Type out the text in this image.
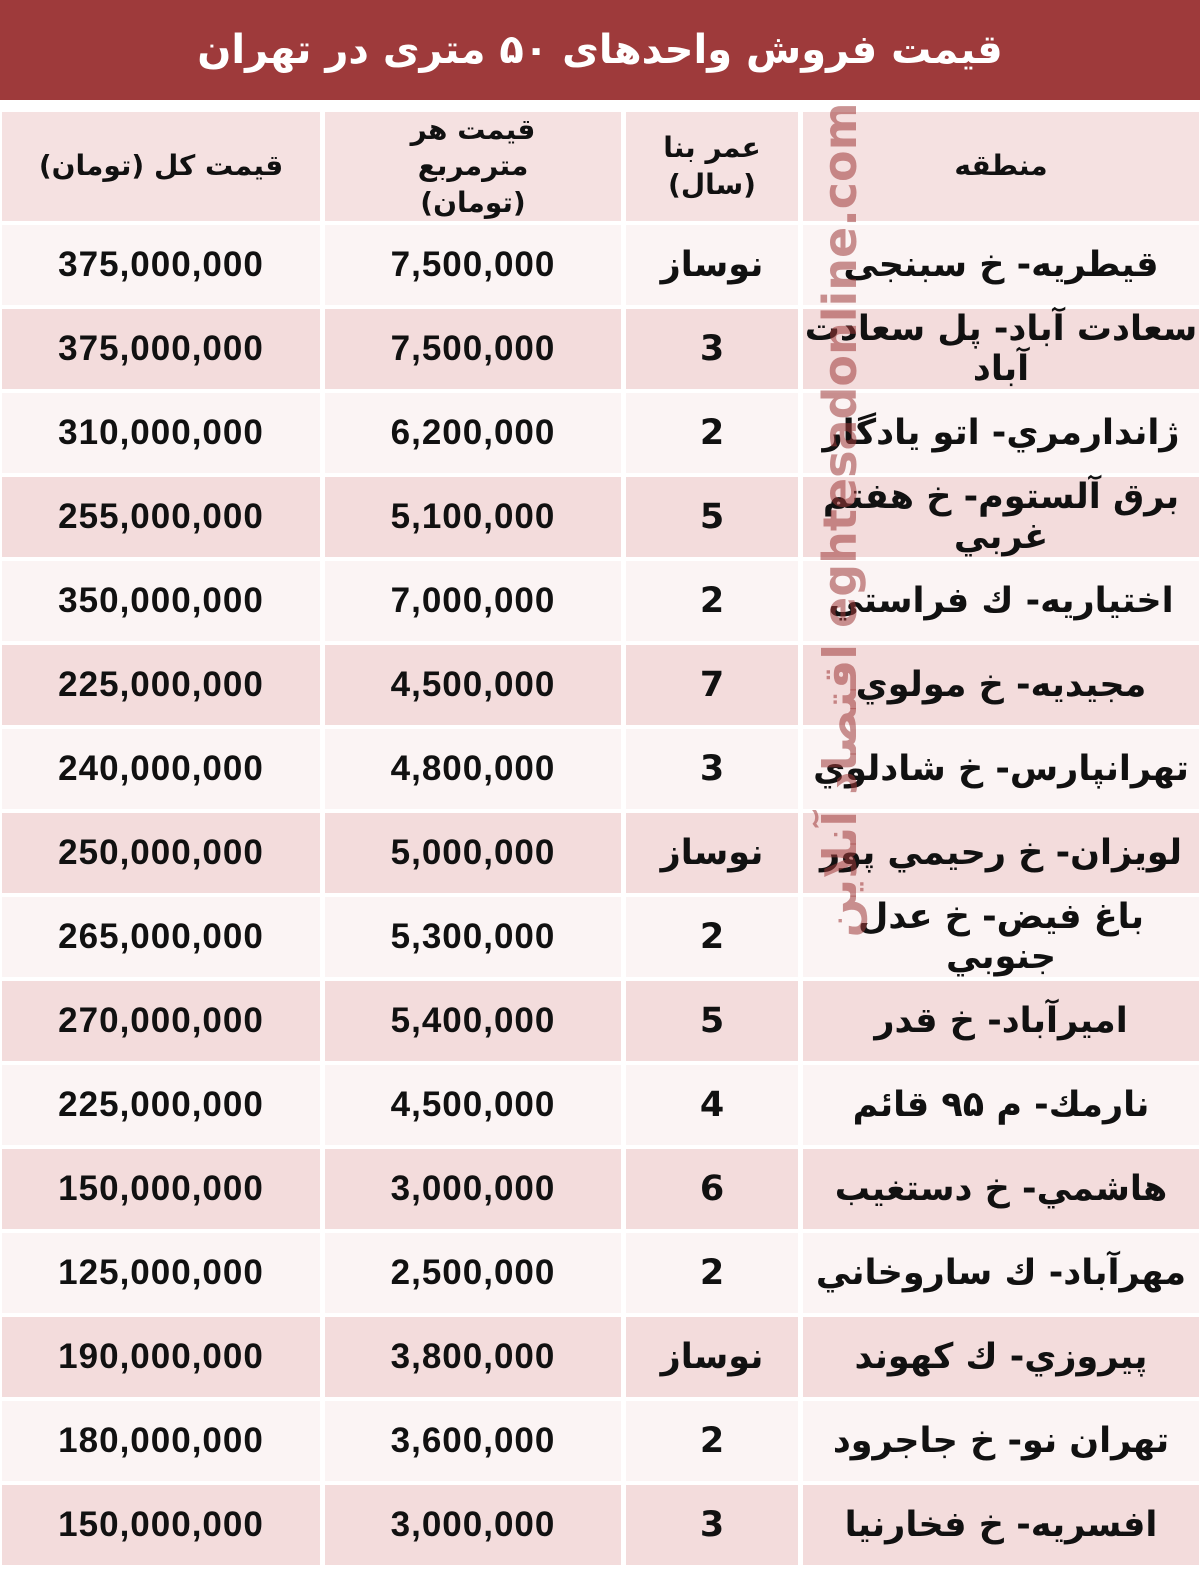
قیمت فروش واحدهای ۵۰ متری در تهران
قیمت کل (تومان)	قیمت هر مترمربع (تومان)	عمر بنا (سال)	منطقه
375,000,000	7,500,000	نوساز	قیطریه- خ سبنجی
375,000,000	7,500,000	3	سعادت آباد- پل سعادت آباد
310,000,000	6,200,000	2	ژاندارمري- اتو یادگار
255,000,000	5,100,000	5	برق آلستوم- خ هفتم غربي
350,000,000	7,000,000	2	اختیاریه- ك فراستي
225,000,000	4,500,000	7	مجیدیه- خ مولوي
240,000,000	4,800,000	3	تهرانپارس- خ شادلوي
250,000,000	5,000,000	نوساز	لویزان- خ رحیمي پور
265,000,000	5,300,000	2	باغ فیض- خ عدل جنوبي
270,000,000	5,400,000	5	امیرآباد- خ قدر
225,000,000	4,500,000	4	نارمك- م ۹۵ قائم
150,000,000	3,000,000	6	هاشمي- خ دستغیب
125,000,000	2,500,000	2	مهرآباد- ك ساروخاني
190,000,000	3,800,000	نوساز	پیروزي- ك كهوند
180,000,000	3,600,000	2	تهران نو- خ جاجرود
150,000,000	3,000,000	3	افسریه- خ فخارنیا
اقتصاد آنلاین eghtesadonline.com
